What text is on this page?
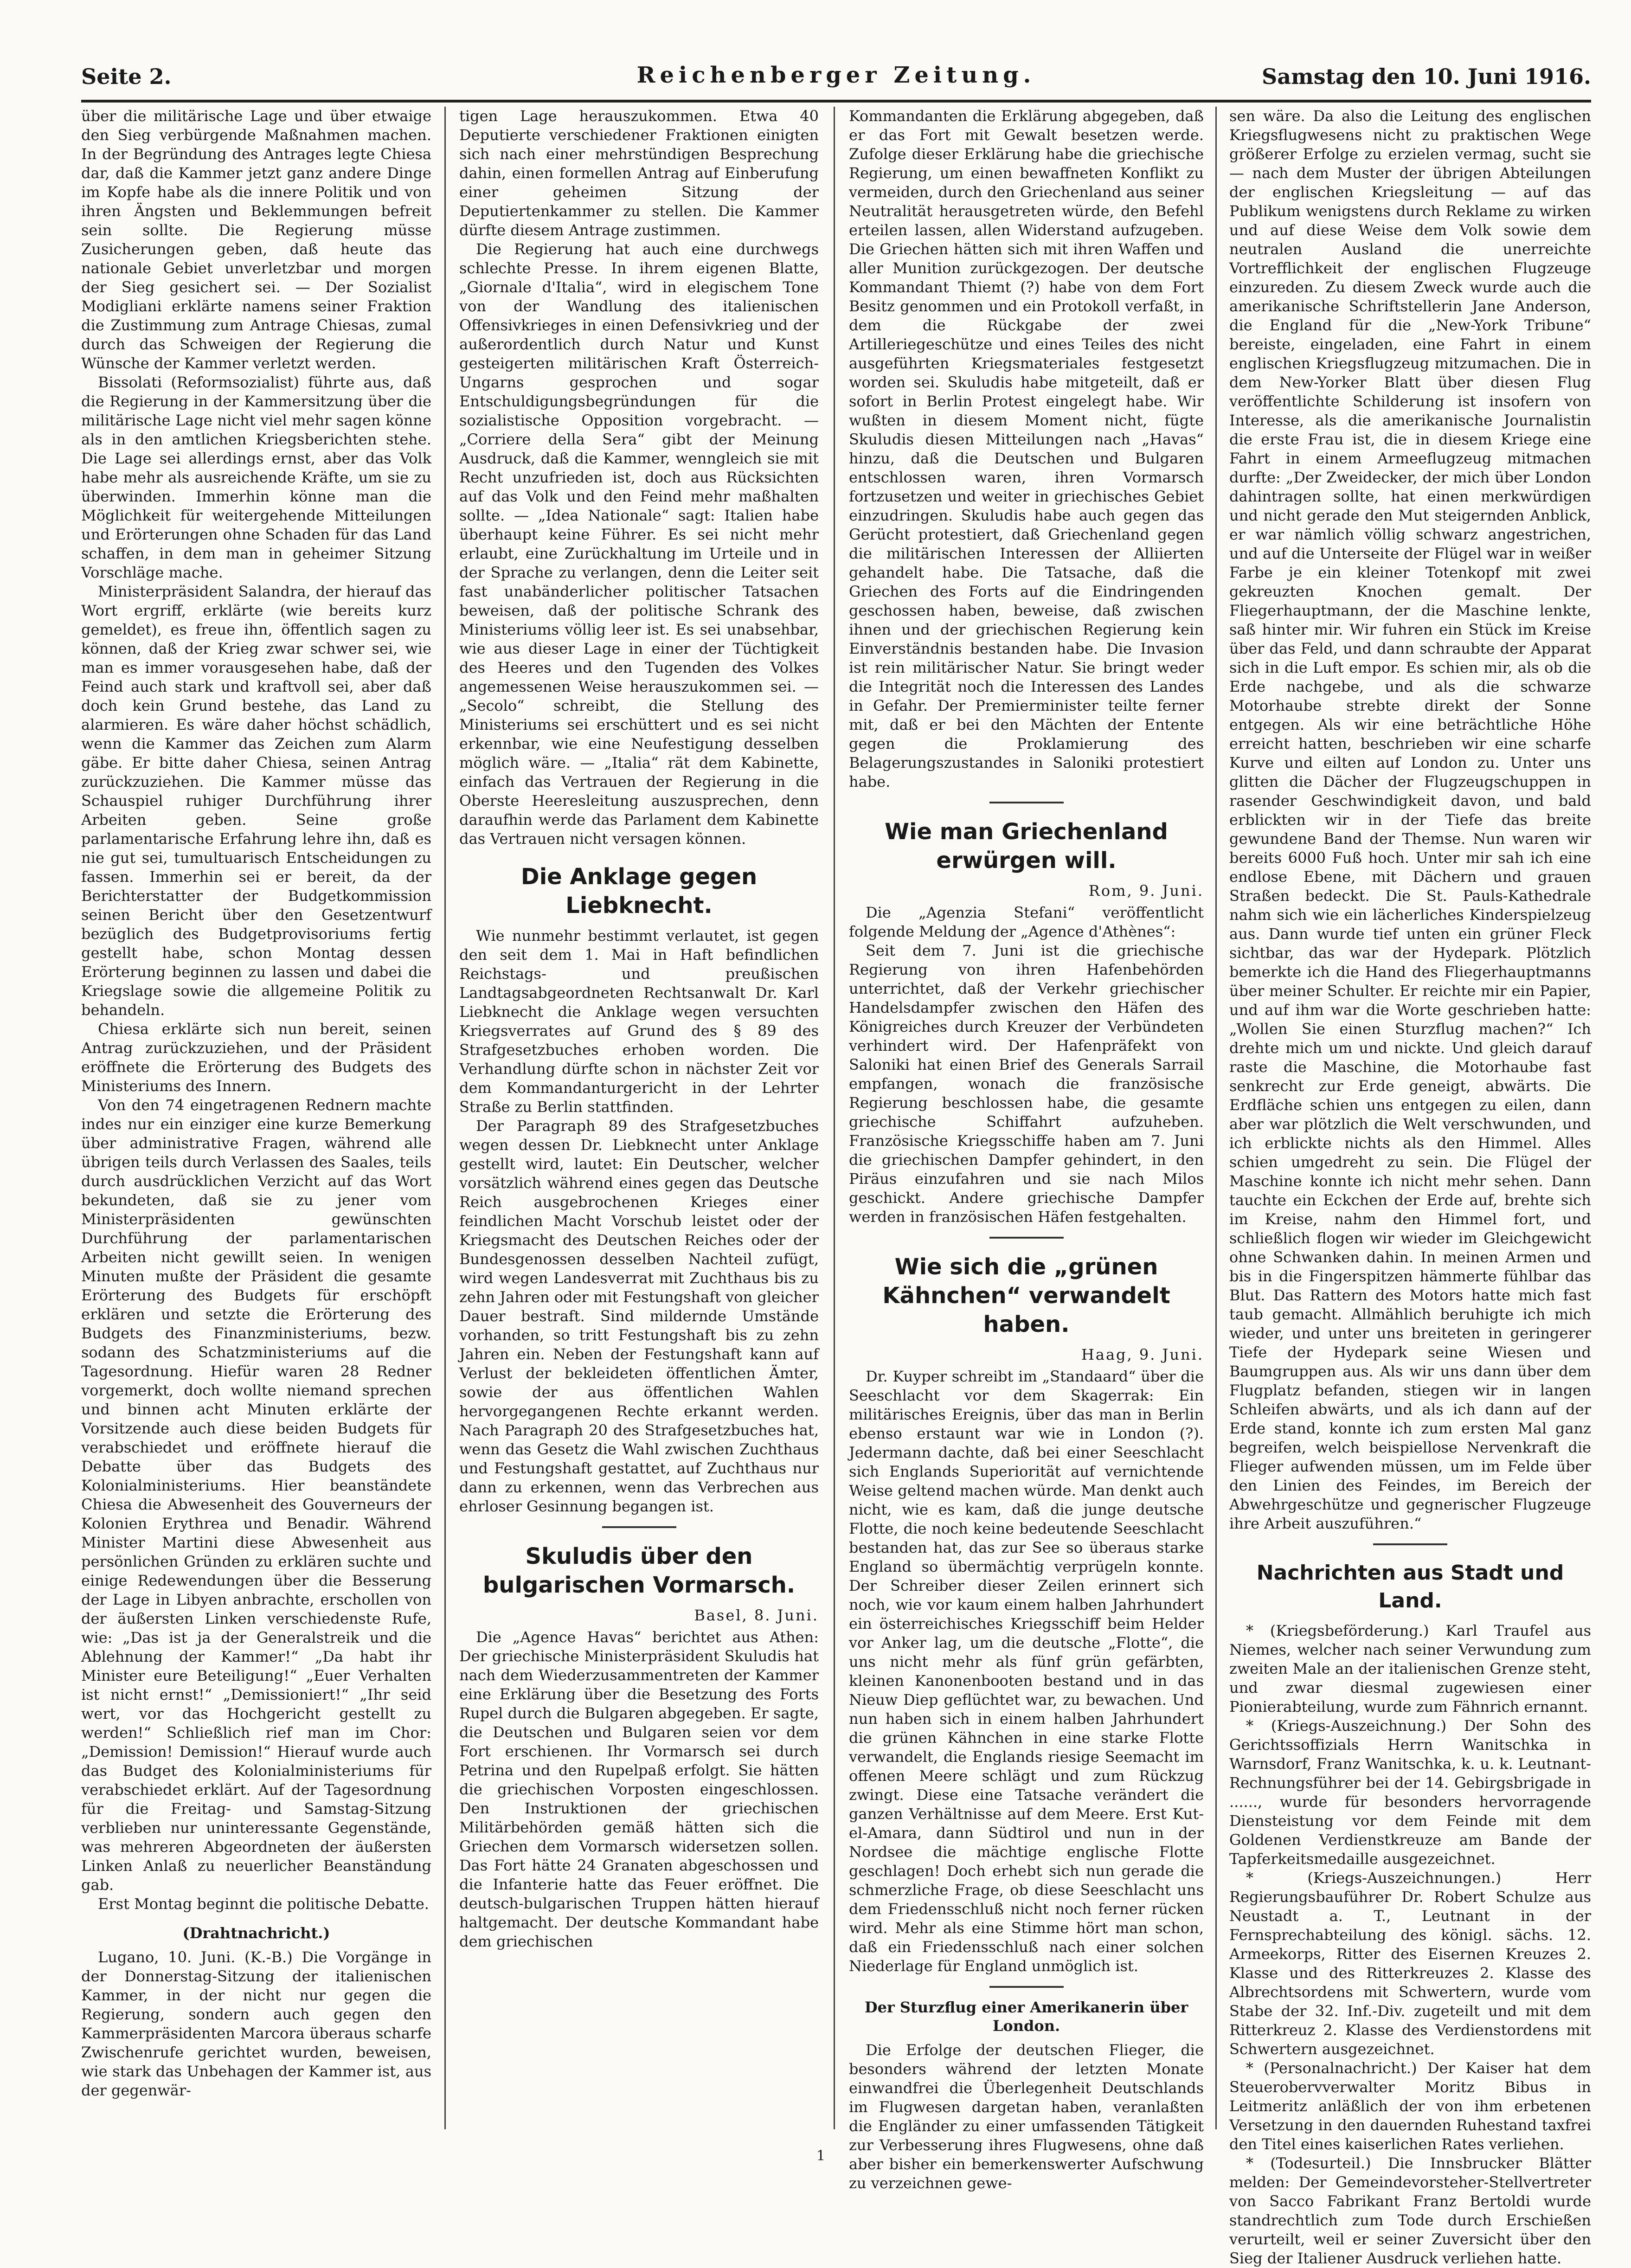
Seite 2.	Reichenberger Zeitung.	Samstag den 10. Juni 1916.

über die militärische Lage und über etwaige den Sieg verbürgende Maßnahmen machen. In der Begründung des Antrages legte Chiesa dar, daß die Kammer jetzt ganz andere Dinge im Kopfe habe als die innere Politik und von ihren Ängsten und Beklemmungen befreit sein sollte. Die Regierung müsse Zusicherungen geben, daß heute das nationale Gebiet unverletzbar und morgen der Sieg gesichert sei. — Der Sozialist Modigliani erklärte namens seiner Fraktion die Zustimmung zum Antrage Chiesas, zumal durch das Schweigen der Regierung die Wünsche der Kammer verletzt werden.

Bissolati (Reformsozialist) führte aus, daß die Regierung in der Kammersitzung über die militärische Lage nicht viel mehr sagen könne als in den amtlichen Kriegsberichten stehe. Die Lage sei allerdings ernst, aber das Volk habe mehr als ausreichende Kräfte, um sie zu überwinden. Immerhin könne man die Möglichkeit für weitergehende Mitteilungen und Erörterungen ohne Schaden für das Land schaffen, in dem man in geheimer Sitzung Vorschläge mache.

Ministerpräsident Salandra, der hierauf das Wort ergriff, erklärte (wie bereits kurz gemeldet), es freue ihn, öffentlich sagen zu können, daß der Krieg zwar schwer sei, wie man es immer vorausgesehen habe, daß der Feind auch stark und kraftvoll sei, aber daß doch kein Grund bestehe, das Land zu alarmieren. Es wäre daher höchst schädlich, wenn die Kammer das Zeichen zum Alarm gäbe. Er bitte daher Chiesa, seinen Antrag zurückzuziehen. Die Kammer müsse das Schauspiel ruhiger Durchführung ihrer Arbeiten geben. Seine große parlamentarische Erfahrung lehre ihn, daß es nie gut sei, tumultuarisch Entscheidungen zu fassen. Immerhin sei er bereit, da der Berichterstatter der Budgetkommission seinen Bericht über den Gesetzentwurf bezüglich des Budgetprovisoriums fertig gestellt habe, schon Montag dessen Erörterung beginnen zu lassen und dabei die Kriegslage sowie die allgemeine Politik zu behandeln.

Chiesa erklärte sich nun bereit, seinen Antrag zurückzuziehen, und der Präsident eröffnete die Erörterung des Budgets des Ministeriums des Innern.

Von den 74 eingetragenen Rednern machte indes nur ein einziger eine kurze Bemerkung über administrative Fragen, während alle übrigen teils durch Verlassen des Saales, teils durch ausdrücklichen Verzicht auf das Wort bekundeten, daß sie zu jener vom Ministerpräsidenten gewünschten Durchführung der parlamentarischen Arbeiten nicht gewillt seien. In wenigen Minuten mußte der Präsident die gesamte Erörterung des Budgets für erschöpft erklären und setzte die Erörterung des Budgets des Finanzministeriums, bezw. sodann des Schatzministeriums auf die Tagesordnung. Hiefür waren 28 Redner vorgemerkt, doch wollte niemand sprechen und binnen acht Minuten erklärte der Vorsitzende auch diese beiden Budgets für verabschiedet und eröffnete hierauf die Debatte über das Budgets des Kolonialministeriums. Hier beanständete Chiesa die Abwesenheit des Gouverneurs der Kolonien Erythrea und Benadir. Während Minister Martini diese Abwesenheit aus persönlichen Gründen zu erklären suchte und einige Redewendungen über die Besserung der Lage in Libyen anbrachte, erschollen von der äußersten Linken verschiedenste Rufe, wie: „Das ist ja der Generalstreik und die Ablehnung der Kammer!“ „Da habt ihr Minister eure Beteiligung!“ „Euer Verhalten ist nicht ernst!“ „Demissioniert!“ „Ihr seid wert, vor das Hochgericht gestellt zu werden!“ Schließlich rief man im Chor: „Demission! Demission!“ Hierauf wurde auch das Budget des Kolonialministeriums für verabschiedet erklärt. Auf der Tagesordnung für die Freitag- und Samstag-Sitzung verblieben nur uninteressante Gegenstände, was mehreren Abgeordneten der äußersten Linken Anlaß zu neuerlicher Beanständung gab.

Erst Montag beginnt die politische Debatte.

(Drahtnachricht.)

Lugano, 10. Juni. (K.-B.) Die Vorgänge in der Donnerstag-Sitzung der italienischen Kammer, in der nicht nur gegen die Regierung, sondern auch gegen den Kammerpräsidenten Marcora überaus scharfe Zwischenrufe gerichtet wurden, beweisen, wie stark das Unbehagen der Kammer ist, aus der gegenwär-

tigen Lage herauszukommen. Etwa 40 Deputierte verschiedener Fraktionen einigten sich nach einer mehrstündigen Besprechung dahin, einen formellen Antrag auf Einberufung einer geheimen Sitzung der Deputiertenkammer zu stellen. Die Kammer dürfte diesem Antrage zustimmen.

Die Regierung hat auch eine durchwegs schlechte Presse. In ihrem eigenen Blatte, „Giornale d'Italia“, wird in elegischem Tone von der Wandlung des italienischen Offensivkrieges in einen Defensivkrieg und der außerordentlich durch Natur und Kunst gesteigerten militärischen Kraft Österreich-Ungarns gesprochen und sogar Entschuldigungsbegründungen für die sozialistische Opposition vorgebracht. — „Corriere della Sera“ gibt der Meinung Ausdruck, daß die Kammer, wenngleich sie mit Recht unzufrieden ist, doch aus Rücksichten auf das Volk und den Feind mehr maßhalten sollte. — „Idea Nationale“ sagt: Italien habe überhaupt keine Führer. Es sei nicht mehr erlaubt, eine Zurückhaltung im Urteile und in der Sprache zu verlangen, denn die Leiter seit fast unabänderlicher politischer Tatsachen beweisen, daß der politische Schrank des Ministeriums völlig leer ist. Es sei unabsehbar, wie aus dieser Lage in einer der Tüchtigkeit des Heeres und den Tugenden des Volkes angemessenen Weise herauszukommen sei. — „Secolo“ schreibt, die Stellung des Ministeriums sei erschüttert und es sei nicht erkennbar, wie eine Neufestigung desselben möglich wäre. — „Italia“ rät dem Kabinette, einfach das Vertrauen der Regierung in die Oberste Heeresleitung auszusprechen, denn daraufhin werde das Parlament dem Kabinette das Vertrauen nicht versagen können.

Die Anklage gegen Liebknecht.

Wie nunmehr bestimmt verlautet, ist gegen den seit dem 1. Mai in Haft befindlichen Reichstags- und preußischen Landtagsabgeordneten Rechtsanwalt Dr. Karl Liebknecht die Anklage wegen versuchten Kriegsverrates auf Grund des § 89 des Strafgesetzbuches erhoben worden. Die Verhandlung dürfte schon in nächster Zeit vor dem Kommandanturgericht in der Lehrter Straße zu Berlin stattfinden.

Der Paragraph 89 des Strafgesetzbuches wegen dessen Dr. Liebknecht unter Anklage gestellt wird, lautet: Ein Deutscher, welcher vorsätzlich während eines gegen das Deutsche Reich ausgebrochenen Krieges einer feindlichen Macht Vorschub leistet oder der Kriegsmacht des Deutschen Reiches oder der Bundesgenossen desselben Nachteil zufügt, wird wegen Landesverrat mit Zuchthaus bis zu zehn Jahren oder mit Festungshaft von gleicher Dauer bestraft. Sind mildernde Umstände vorhanden, so tritt Festungshaft bis zu zehn Jahren ein. Neben der Festungshaft kann auf Verlust der bekleideten öffentlichen Ämter, sowie der aus öffentlichen Wahlen hervorgegangenen Rechte erkannt werden. Nach Paragraph 20 des Strafgesetzbuches hat, wenn das Gesetz die Wahl zwischen Zuchthaus und Festungshaft gestattet, auf Zuchthaus nur dann zu erkennen, wenn das Verbrechen aus ehrloser Gesinnung begangen ist.

Skuludis über den bulgarischen Vormarsch.
Basel, 8. Juni.

Die „Agence Havas“ berichtet aus Athen: Der griechische Ministerpräsident Skuludis hat nach dem Wiederzusammentreten der Kammer eine Erklärung über die Besetzung des Forts Rupel durch die Bulgaren abgegeben. Er sagte, die Deutschen und Bulgaren seien vor dem Fort erschienen. Ihr Vormarsch sei durch Petrina und den Rupelpaß erfolgt. Sie hätten die griechischen Vorposten eingeschlossen. Den Instruktionen der griechischen Militärbehörden gemäß hätten sich die Griechen dem Vormarsch widersetzen sollen. Das Fort hätte 24 Granaten abgeschossen und die Infanterie hatte das Feuer eröffnet. Die deutsch-bulgarischen Truppen hätten hierauf haltgemacht. Der deutsche Kommandant habe dem griechischen

Kommandanten die Erklärung abgegeben, daß er das Fort mit Gewalt besetzen werde. Zufolge dieser Erklärung habe die griechische Regierung, um einen bewaffneten Konflikt zu vermeiden, durch den Griechenland aus seiner Neutralität herausgetreten würde, den Befehl erteilen lassen, allen Widerstand aufzugeben. Die Griechen hätten sich mit ihren Waffen und aller Munition zurückgezogen. Der deutsche Kommandant Thiemt (?) habe von dem Fort Besitz genommen und ein Protokoll verfaßt, in dem die Rückgabe der zwei Artilleriegeschütze und eines Teiles des nicht ausgeführten Kriegsmateriales festgesetzt worden sei. Skuludis habe mitgeteilt, daß er sofort in Berlin Protest eingelegt habe. Wir wußten in diesem Moment nicht, fügte Skuludis diesen Mitteilungen nach „Havas“ hinzu, daß die Deutschen und Bulgaren entschlossen waren, ihren Vormarsch fortzusetzen und weiter in griechisches Gebiet einzudringen. Skuludis habe auch gegen das Gerücht protestiert, daß Griechenland gegen die militärischen Interessen der Alliierten gehandelt habe. Die Tatsache, daß die Griechen des Forts auf die Eindringenden geschossen haben, beweise, daß zwischen ihnen und der griechischen Regierung kein Einverständnis bestanden habe. Die Invasion ist rein militärischer Natur. Sie bringt weder die Integrität noch die Interessen des Landes in Gefahr. Der Premierminister teilte ferner mit, daß er bei den Mächten der Entente gegen die Proklamierung des Belagerungszustandes in Saloniki protestiert habe.

Wie man Griechenland erwürgen will.
Rom, 9. Juni.

Die „Agenzia Stefani“ veröffentlicht folgende Meldung der „Agence d'Athènes“:

Seit dem 7. Juni ist die griechische Regierung von ihren Hafenbehörden unterrichtet, daß der Verkehr griechischer Handelsdampfer zwischen den Häfen des Königreiches durch Kreuzer der Verbündeten verhindert wird. Der Hafenpräfekt von Saloniki hat einen Brief des Generals Sarrail empfangen, wonach die französische Regierung beschlossen habe, die gesamte griechische Schiffahrt aufzuheben. Französische Kriegsschiffe haben am 7. Juni die griechischen Dampfer gehindert, in den Piräus einzufahren und sie nach Milos geschickt. Andere griechische Dampfer werden in französischen Häfen festgehalten.

Wie sich die „grünen Kähnchen“ verwandelt haben.
Haag, 9. Juni.

Dr. Kuyper schreibt im „Standaard“ über die Seeschlacht vor dem Skagerrak: Ein militärisches Ereignis, über das man in Berlin ebenso erstaunt war wie in London (?). Jedermann dachte, daß bei einer Seeschlacht sich Englands Superiorität auf vernichtende Weise geltend machen würde. Man denkt auch nicht, wie es kam, daß die junge deutsche Flotte, die noch keine bedeutende Seeschlacht bestanden hat, das zur See so überaus starke England so übermächtig verprügeln konnte. Der Schreiber dieser Zeilen erinnert sich noch, wie vor kaum einem halben Jahrhundert ein österreichisches Kriegsschiff beim Helder vor Anker lag, um die deutsche „Flotte“, die uns nicht mehr als fünf grün gefärbten, kleinen Kanonenbooten bestand und in das Nieuw Diep geflüchtet war, zu bewachen. Und nun haben sich in einem halben Jahrhundert die grünen Kähnchen in eine starke Flotte verwandelt, die Englands riesige Seemacht im offenen Meere schlägt und zum Rückzug zwingt. Diese eine Tatsache verändert die ganzen Verhältnisse auf dem Meere. Erst Kut-el-Amara, dann Südtirol und nun in der Nordsee die mächtige englische Flotte geschlagen! Doch erhebt sich nun gerade die schmerzliche Frage, ob diese Seeschlacht uns dem Friedensschluß nicht noch ferner rücken wird. Mehr als eine Stimme hört man schon, daß ein Friedensschluß nach einer solchen Niederlage für England unmöglich ist.

Der Sturzflug einer Amerikanerin über London.

Die Erfolge der deutschen Flieger, die besonders während der letzten Monate einwandfrei die Überlegenheit Deutschlands im Flugwesen dargetan haben, veranlaßten die Engländer zu einer umfassenden Tätigkeit zur Verbesserung ihres Flugwesens, ohne daß aber bisher ein bemerkenswerter Aufschwung zu verzeichnen gewe-

sen wäre. Da also die Leitung des englischen Kriegsflugwesens nicht zu praktischen Wege größerer Erfolge zu erzielen vermag, sucht sie — nach dem Muster der übrigen Abteilungen der englischen Kriegsleitung — auf das Publikum wenigstens durch Reklame zu wirken und auf diese Weise dem Volk sowie dem neutralen Ausland die unerreichte Vortrefflichkeit der englischen Flugzeuge einzureden. Zu diesem Zweck wurde auch die amerikanische Schriftstellerin Jane Anderson, die England für die „New-York Tribune“ bereiste, eingeladen, eine Fahrt in einem englischen Kriegsflugzeug mitzumachen. Die in dem New-Yorker Blatt über diesen Flug veröffentlichte Schilderung ist insofern von Interesse, als die amerikanische Journalistin die erste Frau ist, die in diesem Kriege eine Fahrt in einem Armeeflugzeug mitmachen durfte: „Der Zweidecker, der mich über London dahintragen sollte, hat einen merkwürdigen und nicht gerade den Mut steigernden Anblick, er war nämlich völlig schwarz angestrichen, und auf die Unterseite der Flügel war in weißer Farbe je ein kleiner Totenkopf mit zwei gekreuzten Knochen gemalt. Der Fliegerhauptmann, der die Maschine lenkte, saß hinter mir. Wir fuhren ein Stück im Kreise über das Feld, und dann schraubte der Apparat sich in die Luft empor. Es schien mir, als ob die Erde nachgebe, und als die schwarze Motorhaube strebte direkt der Sonne entgegen. Als wir eine beträchtliche Höhe erreicht hatten, beschrieben wir eine scharfe Kurve und eilten auf London zu. Unter uns glitten die Dächer der Flugzeugschuppen in rasender Geschwindigkeit davon, und bald erblickten wir in der Tiefe das breite gewundene Band der Themse. Nun waren wir bereits 6000 Fuß hoch. Unter mir sah ich eine endlose Ebene, mit Dächern und grauen Straßen bedeckt. Die St. Pauls-Kathedrale nahm sich wie ein lächerliches Kinderspielzeug aus. Dann wurde tief unten ein grüner Fleck sichtbar, das war der Hydepark. Plötzlich bemerkte ich die Hand des Fliegerhauptmanns über meiner Schulter. Er reichte mir ein Papier, und auf ihm war die Worte geschrieben hatte: „Wollen Sie einen Sturzflug machen?“ Ich drehte mich um und nickte. Und gleich darauf raste die Maschine, die Motorhaube fast senkrecht zur Erde geneigt, abwärts. Die Erdfläche schien uns entgegen zu eilen, dann aber war plötzlich die Welt verschwunden, und ich erblickte nichts als den Himmel. Alles schien umgedreht zu sein. Die Flügel der Maschine konnte ich nicht mehr sehen. Dann tauchte ein Eckchen der Erde auf, brehte sich im Kreise, nahm den Himmel fort, und schließlich flogen wir wieder im Gleichgewicht ohne Schwanken dahin. In meinen Armen und bis in die Fingerspitzen hämmerte fühlbar das Blut. Das Rattern des Motors hatte mich fast taub gemacht. Allmählich beruhigte ich mich wieder, und unter uns breiteten in geringerer Tiefe der Hydepark seine Wiesen und Baumgruppen aus. Als wir uns dann über dem Flugplatz befanden, stiegen wir in langen Schleifen abwärts, und als ich dann auf der Erde stand, konnte ich zum ersten Mal ganz begreifen, welch beispiellose Nervenkraft die Flieger aufwenden müssen, um im Felde über den Linien des Feindes, im Bereich der Abwehrgeschütze und gegnerischer Flugzeuge ihre Arbeit auszuführen.“

Nachrichten aus Stadt und Land.

* (Kriegsbeförderung.) Karl Traufel aus Niemes, welcher nach seiner Verwundung zum zweiten Male an der italienischen Grenze steht, und zwar diesmal zugewiesen einer Pionierabteilung, wurde zum Fähnrich ernannt.

* (Kriegs-Auszeichnung.) Der Sohn des Gerichtssoffizials Herrn Wanitschka in Warnsdorf, Franz Wanitschka, k. u. k. Leutnant-Rechnungsführer bei der 14. Gebirgsbrigade in ......, wurde für besonders hervorragende Diensteistung vor dem Feinde mit dem Goldenen Verdienstkreuze am Bande der Tapferkeitsmedaille ausgezeichnet.

* (Kriegs-Auszeichnungen.) Herr Regierungsbauführer Dr. Robert Schulze aus Neustadt a. T., Leutnant in der Fernsprechabteilung des königl. sächs. 12. Armeekorps, Ritter des Eisernen Kreuzes 2. Klasse und des Ritterkreuzes 2. Klasse des Albrechtsordens mit Schwertern, wurde vom Stabe der 32. Inf.-Div. zugeteilt und mit dem Ritterkreuz 2. Klasse des Verdienstordens mit Schwertern ausgezeichnet.

* (Personalnachricht.) Der Kaiser hat dem Steuerobervverwalter Moritz Bibus in Leitmeritz anläßlich der von ihm erbetenen Versetzung in den dauernden Ruhestand taxfrei den Titel eines kaiserlichen Rates verliehen.

* (Todesurteil.) Die Innsbrucker Blätter melden: Der Gemeindevorsteher-Stellvertreter von Sacco Fabrikant Franz Bertoldi wurde standrechtlich zum Tode durch Erschießen verurteilt, weil er seiner Zuversicht über den Sieg der Italiener Ausdruck verliehen hatte.

1
